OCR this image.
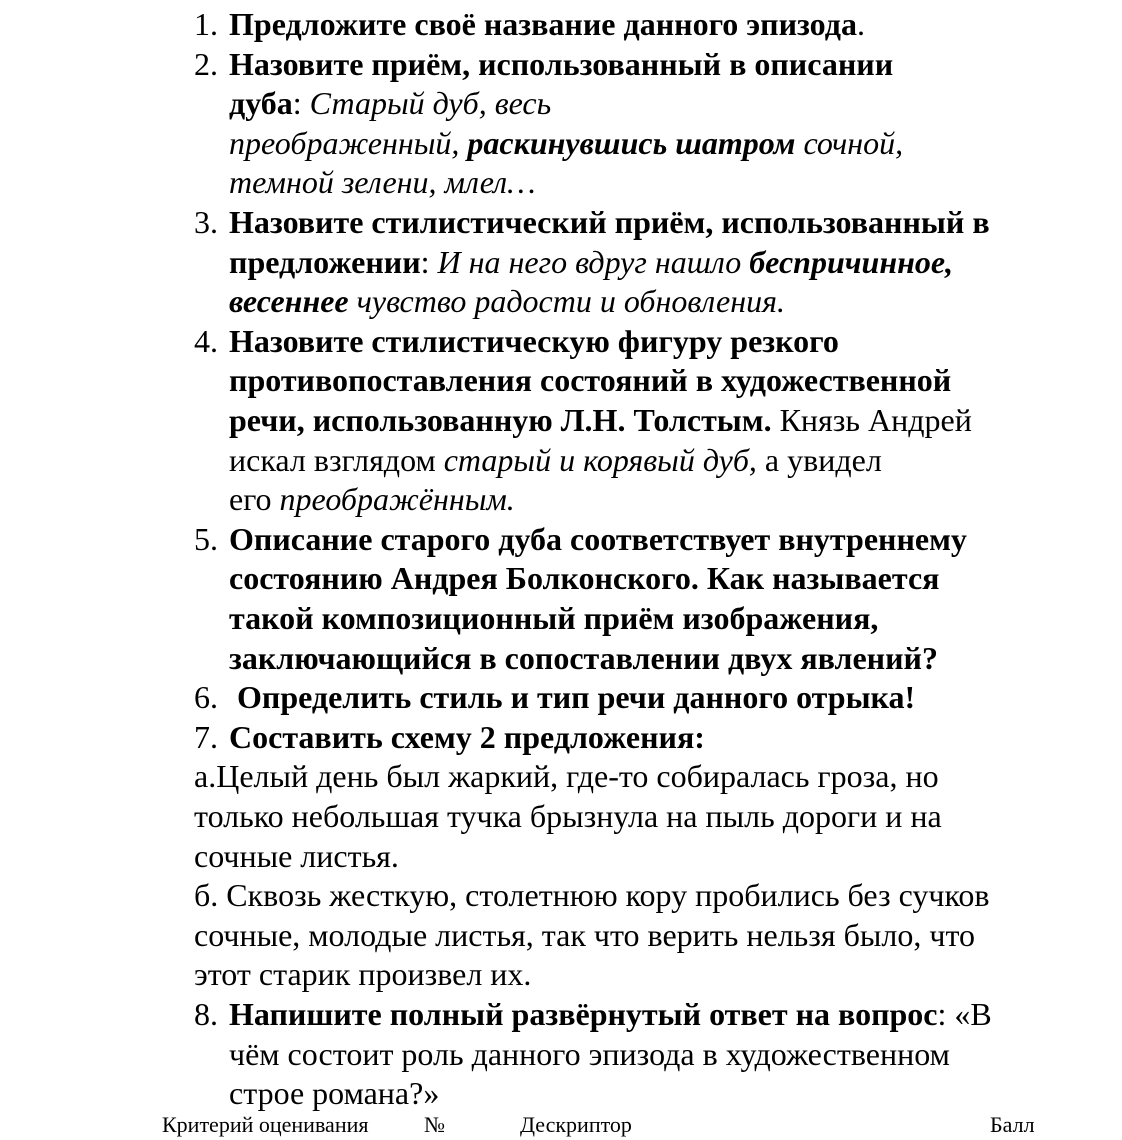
1. Предложите своё название данного эпизода.
2. Назовите приём, использованный в описании
дуба: Старый дуб, весь
преображенный, раскинувшись шатром сочной,
темной зелени, млел…
3. Назовите стилистический приём, использованный в
предложении: И на него вдруг нашло беспричинное,
весеннее чувство радости и обновления.
4. Назовите стилистическую фигуру резкого
противопоставления состояний в художественной
речи, использованную Л.Н. Толстым. Князь Андрей
искал взглядом старый и корявый дуб, а увидел
его преображённым.
5. Описание старого дуба соответствует внутреннему
состоянию Андрея Болконского. Как называется
такой композиционный приём изображения,
заключающийся в сопоставлении двух явлений?
6. Определить стиль и тип речи данного отрыка!
7. Составить схему 2 предложения:
а.Целый день был жаркий, где-то собиралась гроза, но
только небольшая тучка брызнула на пыль дороги и на
сочные листья.
б. Сквозь жесткую, столетнюю кору пробились без сучков
сочные, молодые листья, так что верить нельзя было, что
этот старик произвел их.
8. Напишите полный развёрнутый ответ на вопрос: «В
чём состоит роль данного эпизода в художественном
строе романа?»
Критерий оценивания	№	Дескриптор	Балл
